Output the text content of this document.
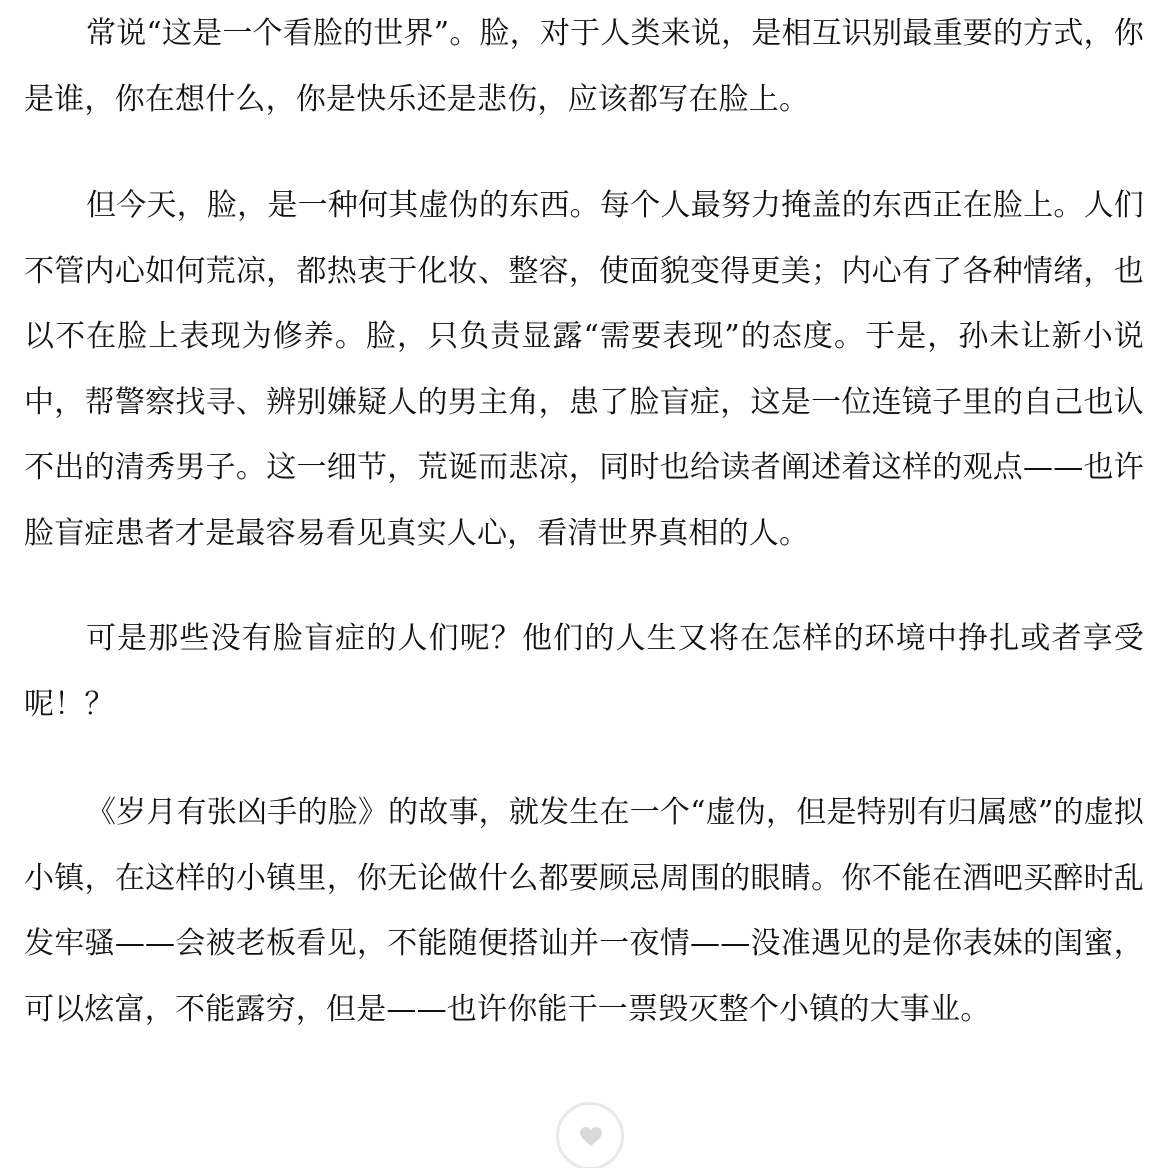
常说“这是一个看脸的世界”。脸，对于人类来说，是相互识别最重要的方式，你是谁，你在想什么，你是快乐还是悲伤，应该都写在脸上。

但今天，脸，是一种何其虚伪的东西。每个人最努力掩盖的东西正在脸上。人们不管内心如何荒凉，都热衷于化妆、整容，使面貌变得更美；内心有了各种情绪，也以不在脸上表现为修养。脸，只负责显露“需要表现”的态度。于是，孙未让新小说中，帮警察找寻、辨别嫌疑人的男主角，患了脸盲症，这是一位连镜子里的自己也认不出的清秀男子。这一细节，荒诞而悲凉，同时也给读者阐述着这样的观点——也许脸盲症患者才是最容易看见真实人心，看清世界真相的人。

可是那些没有脸盲症的人们呢？他们的人生又将在怎样的环境中挣扎或者享受呢！？

《岁月有张凶手的脸》的故事，就发生在一个“虚伪，但是特别有归属感”的虚拟小镇，在这样的小镇里，你无论做什么都要顾忌周围的眼睛。你不能在酒吧买醉时乱发牢骚——会被老板看见，不能随便搭讪并一夜情——没准遇见的是你表妹的闺蜜，可以炫富，不能露穷，但是——也许你能干一票毁灭整个小镇的大事业。
